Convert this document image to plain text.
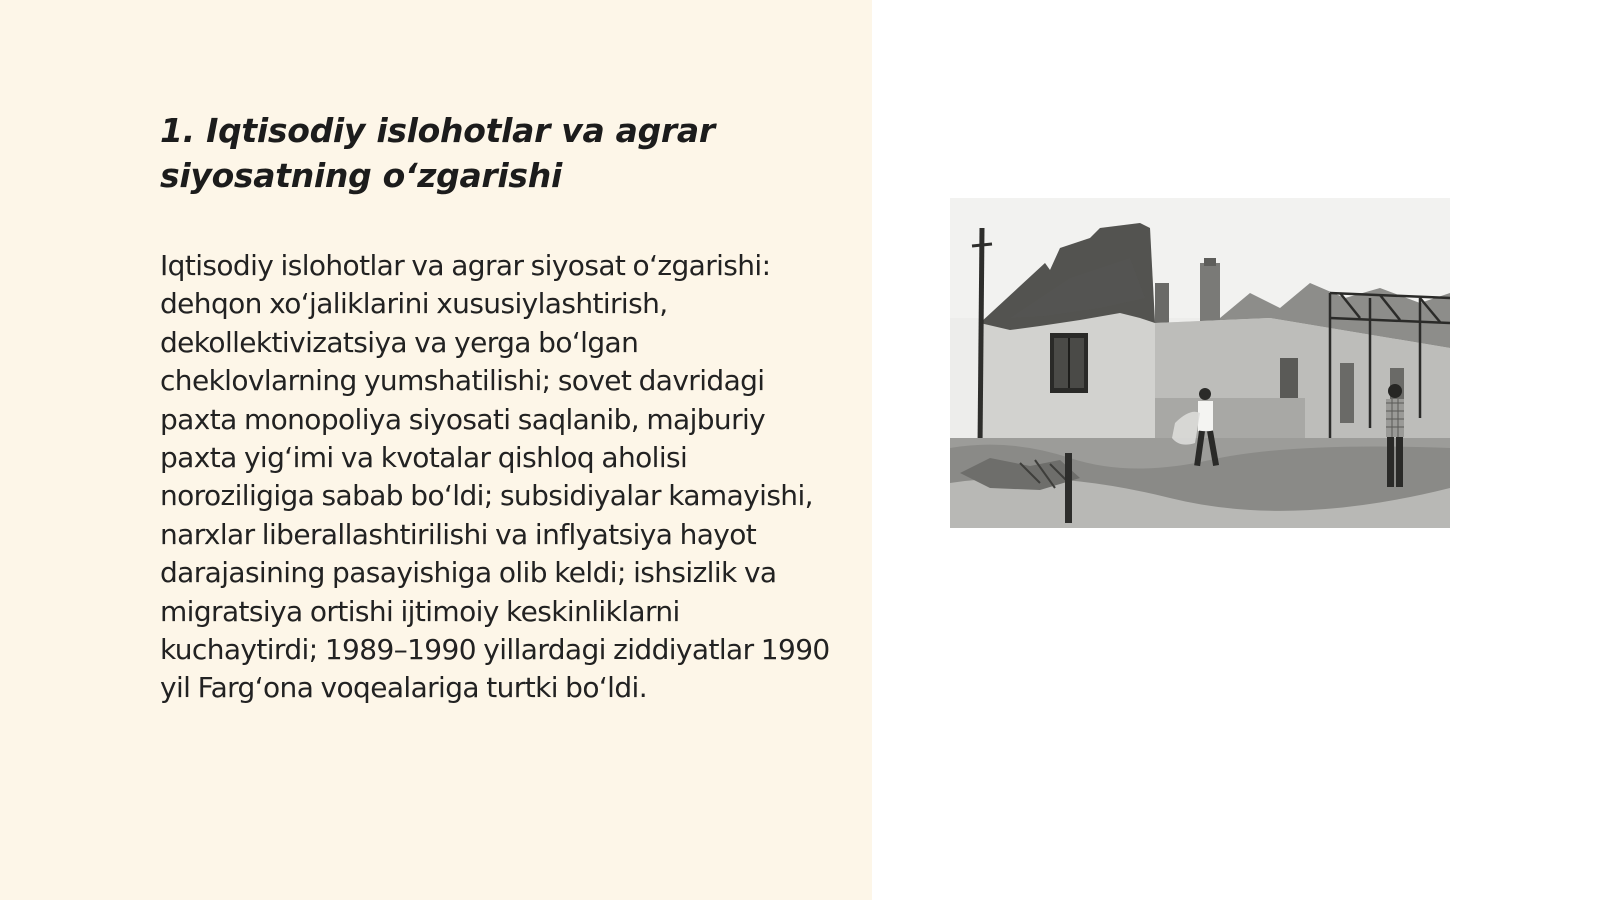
1. Iqtisodiy islohotlar va agrar siyosatning o‘zgarishi

Iqtisodiy islohotlar va agrar siyosat o‘zgarishi: dehqon xo‘jaliklarini xususiylashtirish, dekollektivizatsiya va yerga bo‘lgan cheklovlarning yumshatilishi; sovet davridagi paxta monopoliya siyosati saqlanib, majburiy paxta yig‘imi va kvotalar qishloq aholisi noroziligiga sabab bo‘ldi; subsidiyalar kamayishi, narxlar liberallashtirilishi va inflyatsiya hayot darajasining pasayishiga olib keldi; ishsizlik va migratsiya ortishi ijtimoiy keskinliklarni kuchaytirdi; 1989–1990 yillardagi ziddiyatlar 1990 yil Farg‘ona voqealariga turtki bo‘ldi.
